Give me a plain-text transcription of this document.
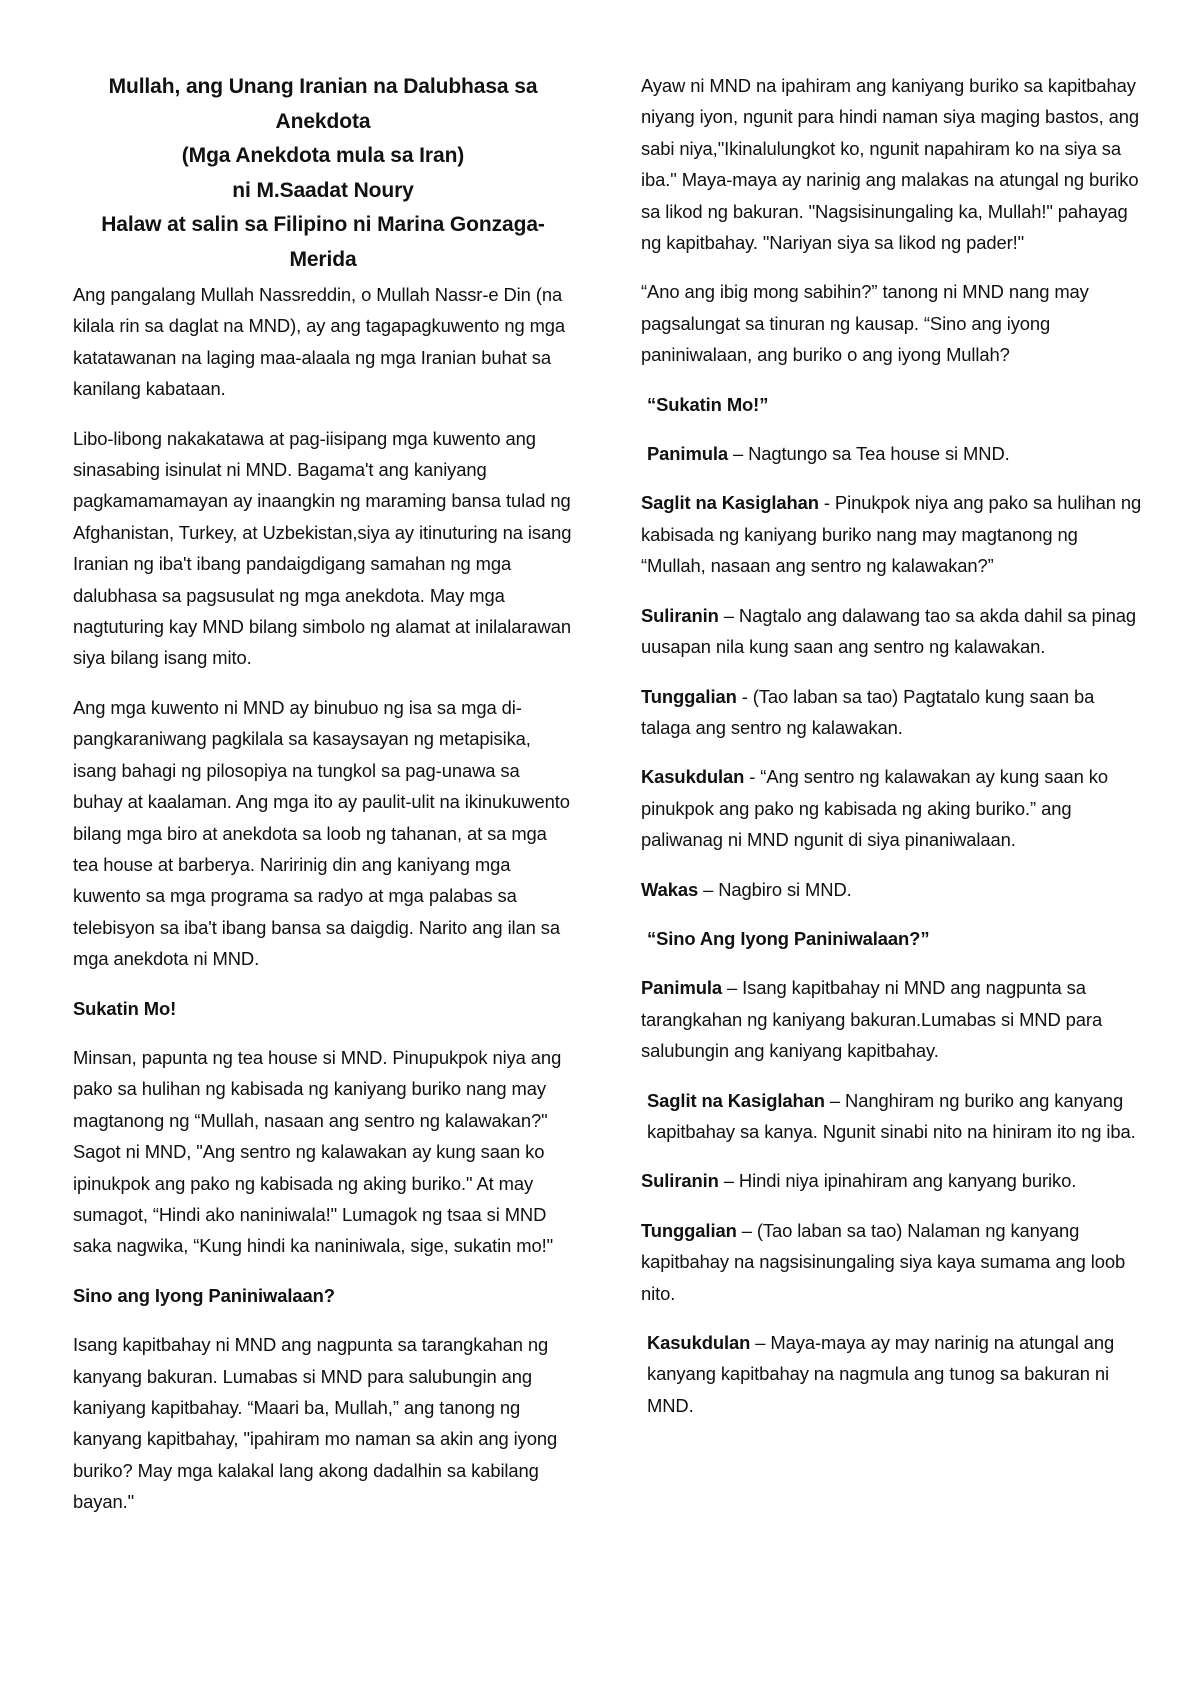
Mullah, ang Unang Iranian na Dalubhasa sa
Anekdota
(Mga Anekdota mula sa Iran)
ni M.Saadat Noury
Halaw at salin sa Filipino ni Marina Gonzaga-
Merida

Ang pangalang Mullah Nassreddin, o Mullah Nassr-e Din (na kilala rin sa daglat na MND), ay ang tagapagkuwento ng mga katatawanan na laging maa-alaala ng mga Iranian buhat sa kanilang kabataan.

Libo-libong nakakatawa at pag-iisipang mga kuwento ang sinasabing isinulat ni MND. Bagama't ang kaniyang pagkamamamayan ay inaangkin ng maraming bansa tulad ng Afghanistan, Turkey, at Uzbekistan,siya ay itinuturing na isang Iranian ng iba't ibang pandaigdigang samahan ng mga dalubhasa sa pagsusulat ng mga anekdota. May mga nagtuturing kay MND bilang simbolo ng alamat at inilalarawan siya bilang isang mito.

Ang mga kuwento ni MND ay binubuo ng isa sa mga di-pangkaraniwang pagkilala sa kasaysayan ng metapisika, isang bahagi ng pilosopiya na tungkol sa pag-unawa sa buhay at kaalaman. Ang mga ito ay paulit-ulit na ikinukuwento bilang mga biro at anekdota sa loob ng tahanan, at sa mga tea house at barberya. Naririnig din ang kaniyang mga kuwento sa mga programa sa radyo at mga palabas sa telebisyon sa iba't ibang bansa sa daigdig. Narito ang ilan sa mga anekdota ni MND.

Sukatin Mo!

Minsan, papunta ng tea house si MND. Pinupukpok niya ang pako sa hulihan ng kabisada ng kaniyang buriko nang may magtanong ng “Mullah, nasaan ang sentro ng kalawakan?" Sagot ni MND, "Ang sentro ng kalawakan ay kung saan ko ipinukpok ang pako ng kabisada ng aking buriko." At may sumagot, “Hindi ako naniniwala!" Lumagok ng tsaa si MND saka nagwika, “Kung hindi ka naniniwala, sige, sukatin mo!"

Sino ang Iyong Paniniwalaan?

Isang kapitbahay ni MND ang nagpunta sa tarangkahan ng kanyang bakuran. Lumabas si MND para salubungin ang kaniyang kapitbahay. “Maari ba, Mullah,” ang tanong ng kanyang kapitbahay, "ipahiram mo naman sa akin ang iyong buriko? May mga kalakal lang akong dadalhin sa kabilang bayan."

Ayaw ni MND na ipahiram ang kaniyang buriko sa kapitbahay niyang iyon, ngunit para hindi naman siya maging bastos, ang sabi niya,"Ikinalulungkot ko, ngunit napahiram ko na siya sa iba." Maya-maya ay narinig ang malakas na atungal ng buriko sa likod ng bakuran. "Nagsisinungaling ka, Mullah!" pahayag ng kapitbahay. "Nariyan siya sa likod ng pader!"

“Ano ang ibig mong sabihin?” tanong ni MND nang may pagsalungat sa tinuran ng kausap. “Sino ang iyong paniniwalaan, ang buriko o ang iyong Mullah?

“Sukatin Mo!”

Panimula – Nagtungo sa Tea house si MND.

Saglit na Kasiglahan - Pinukpok niya ang pako sa hulihan ng kabisada ng kaniyang buriko nang may magtanong ng “Mullah, nasaan ang sentro ng kalawakan?”

Suliranin – Nagtalo ang dalawang tao sa akda dahil sa pinag uusapan nila kung saan ang sentro ng kalawakan.

Tunggalian - (Tao laban sa tao) Pagtatalo kung saan ba talaga ang sentro ng kalawakan.

Kasukdulan - “Ang sentro ng kalawakan ay kung saan ko pinukpok ang pako ng kabisada ng aking buriko.” ang paliwanag ni MND ngunit di siya pinaniwalaan.

Wakas – Nagbiro si MND.

“Sino Ang Iyong Paniniwalaan?”

Panimula – Isang kapitbahay ni MND ang nagpunta sa tarangkahan ng kaniyang bakuran.Lumabas si MND para salubungin ang kaniyang kapitbahay.

Saglit na Kasiglahan – Nanghiram ng buriko ang kanyang kapitbahay sa kanya. Ngunit sinabi nito na hiniram ito ng iba.

Suliranin – Hindi niya ipinahiram ang kanyang buriko.

Tunggalian – (Tao laban sa tao) Nalaman ng kanyang kapitbahay na nagsisinungaling siya kaya sumama ang loob nito.

Kasukdulan – Maya-maya ay may narinig na atungal ang kanyang kapitbahay na nagmula ang tunog sa bakuran ni MND.
